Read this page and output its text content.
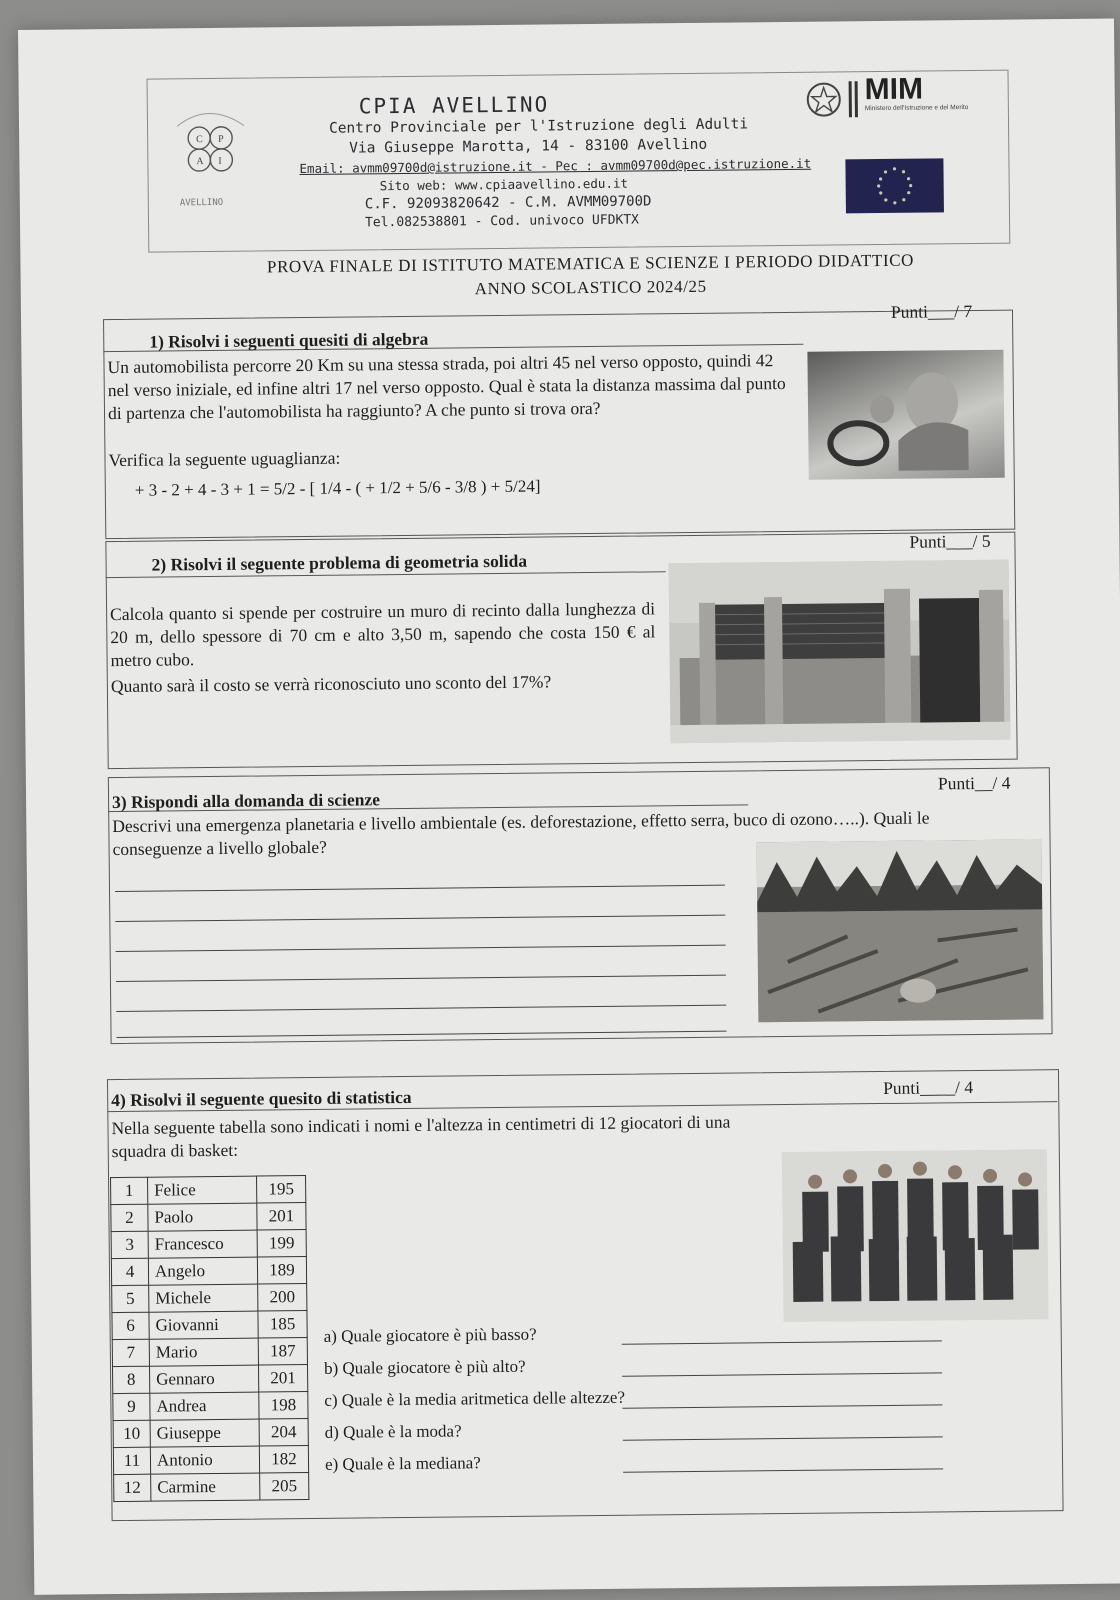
C P
A I
AVELLINO
CPIA AVELLINO
Centro Provinciale per l'Istruzione degli Adulti
Via Giuseppe Marotta, 14 - 83100 Avellino
Email: avmm09700d@istruzione.it - Pec : avmm09700d@pec.istruzione.it
Sito web: www.cpiaavellino.edu.it
C.F. 92093820642 - C.M. AVMM09700D
Tel.082538801 - Cod. univoco UFDKTX
MIM
Ministero dell'Istruzione e del Merito
PROVA FINALE DI ISTITUTO MATEMATICA E SCIENZE I PERIODO DIDATTICO
ANNO SCOLASTICO 2024/25
1) Risolvi i seguenti quesiti di algebra
Punti___/ 7
Un automobilista percorre 20 Km su una stessa strada, poi altri 45 nel verso opposto, quindi 42 nel verso iniziale, ed infine altri 17 nel verso opposto. Qual è stata la distanza massima dal punto di partenza che l'automobilista ha raggiunto? A che punto si trova ora?
Verifica la seguente uguaglianza:
+ 3 - 2 + 4 - 3 + 1 = 5/2 - [ 1/4 - ( + 1/2 + 5/6 - 3/8 ) + 5/24]
2) Risolvi il seguente problema di geometria solida
Punti___/ 5
Calcola quanto si spende per costruire un muro di recinto dalla lunghezza di 20 m, dello spessore di 70 cm e alto 3,50 m, sapendo che costa 150 € al metro cubo.
Quanto sarà il costo se verrà riconosciuto uno sconto del 17%?
3) Rispondi alla domanda di scienze
Punti__/ 4
Descrivi una emergenza planetaria e livello ambientale (es. deforestazione, effetto serra, buco di ozono…..). Quali le conseguenze a livello globale?
4) Risolvi il seguente quesito di statistica	Punti____/ 4
Nella seguente tabella sono indicati i nomi e l'altezza in centimetri di 12 giocatori di una squadra di basket:
1	Felice	195
2	Paolo	201
3	Francesco	199
4	Angelo	189
5	Michele	200
6	Giovanni	185
7	Mario	187
8	Gennaro	201
9	Andrea	198
10	Giuseppe	204
11	Antonio	182
12	Carmine	205
a) Quale giocatore è più basso?
b) Quale giocatore è più alto?
c) Quale è la media aritmetica delle altezze?
d) Quale è la moda?
e) Quale è la mediana?
